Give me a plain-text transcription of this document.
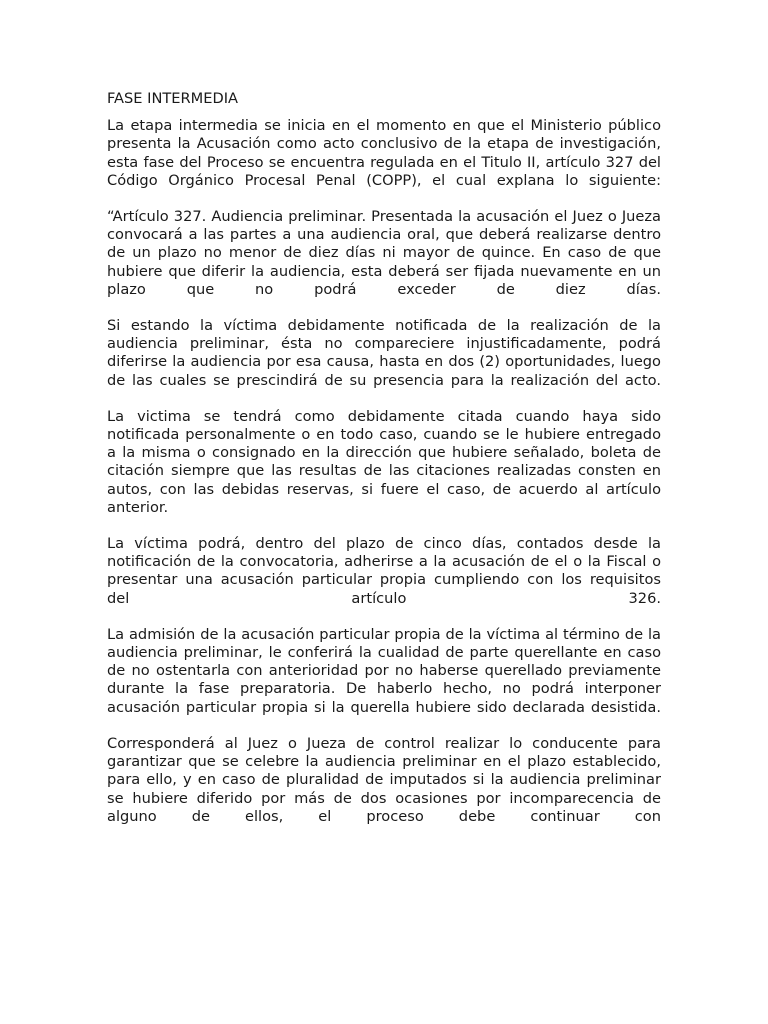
FASE INTERMEDIA

La etapa intermedia se inicia en el momento en que el Ministerio público presenta la Acusación como acto conclusivo de la etapa de investigación, esta fase del Proceso se encuentra regulada en el Titulo II, artículo 327 del Código Orgánico Procesal Penal (COPP), el cual explana lo siguiente:

“Artículo 327. Audiencia preliminar. Presentada la acusación el Juez o Jueza convocará a las partes a una audiencia oral, que deberá realizarse dentro de un plazo no menor de diez días ni mayor de quince. En caso de que hubiere que diferir la audiencia, esta deberá ser fijada nuevamente en un plazo que no podrá exceder de diez días.

Si estando la víctima debidamente notificada de la realización de la audiencia preliminar, ésta no compareciere injustificadamente, podrá diferirse la audiencia por esa causa, hasta en dos (2) oportunidades, luego de las cuales se prescindirá de su presencia para la realización del acto.

La victima se tendrá como debidamente citada cuando haya sido notificada personalmente o en todo caso, cuando se le hubiere entregado a la misma o consignado en la dirección que hubiere señalado, boleta de citación siempre que las resultas de las citaciones realizadas consten en autos, con las debidas reservas, si fuere el caso, de acuerdo al artículo anterior.

La víctima podrá, dentro del plazo de cinco días, contados desde la notificación de la convocatoria, adherirse a la acusación de el o la Fiscal o presentar una acusación particular propia cumpliendo con los requisitos del artículo 326.

La admisión de la acusación particular propia de la víctima al término de la audiencia preliminar, le conferirá la cualidad de parte querellante en caso de no ostentarla con anterioridad por no haberse querellado previamente durante la fase preparatoria. De haberlo hecho, no podrá interponer acusación particular propia si la querella hubiere sido declarada desistida.

Corresponderá al Juez o Jueza de control realizar lo conducente para garantizar que se celebre la audiencia preliminar en el plazo establecido, para ello, y en caso de pluralidad de imputados si la audiencia preliminar se hubiere diferido por más de dos ocasiones por incomparecencia de alguno de ellos, el proceso debe continuar con
